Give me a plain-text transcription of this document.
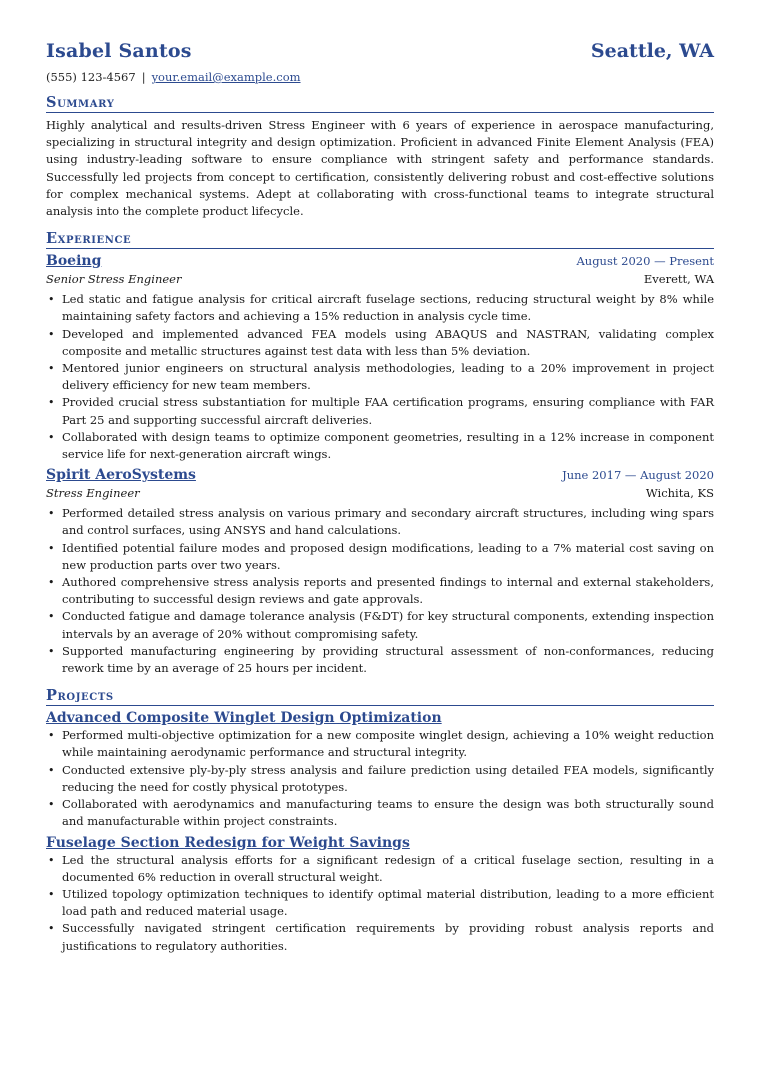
Isabel Santos	Seattle, WA
(555) 123-4567 | your.email@example.com
Summary
Highly analytical and results-driven Stress Engineer with 6 years of experience in aerospace manufacturing, specializing in structural integrity and design optimization. Proficient in advanced Finite Element Analysis (FEA) using industry-leading software to ensure compliance with stringent safety and performance standards. Successfully led projects from concept to certification, consistently delivering robust and cost-effective solutions for complex mechanical systems. Adept at collaborating with cross-functional teams to integrate structural analysis into the complete product lifecycle.
Experience
Boeing	August 2020 — Present
Senior Stress Engineer	Everett, WA
• Led static and fatigue analysis for critical aircraft fuselage sections, reducing structural weight by 8% while maintaining safety factors and achieving a 15% reduction in analysis cycle time.
• Developed and implemented advanced FEA models using ABAQUS and NASTRAN, validating complex composite and metallic structures against test data with less than 5% deviation.
• Mentored junior engineers on structural analysis methodologies, leading to a 20% improvement in project delivery efficiency for new team members.
• Provided crucial stress substantiation for multiple FAA certification programs, ensuring compliance with FAR Part 25 and supporting successful aircraft deliveries.
• Collaborated with design teams to optimize component geometries, resulting in a 12% increase in component service life for next-generation aircraft wings.
Spirit AeroSystems	June 2017 — August 2020
Stress Engineer	Wichita, KS
• Performed detailed stress analysis on various primary and secondary aircraft structures, including wing spars and control surfaces, using ANSYS and hand calculations.
• Identified potential failure modes and proposed design modifications, leading to a 7% material cost saving on new production parts over two years.
• Authored comprehensive stress analysis reports and presented findings to internal and external stakeholders, contributing to successful design reviews and gate approvals.
• Conducted fatigue and damage tolerance analysis (F&DT) for key structural components, extending inspection intervals by an average of 20% without compromising safety.
• Supported manufacturing engineering by providing structural assessment of non-conformances, reducing rework time by an average of 25 hours per incident.
Projects
Advanced Composite Winglet Design Optimization
• Performed multi-objective optimization for a new composite winglet design, achieving a 10% weight reduction while maintaining aerodynamic performance and structural integrity.
• Conducted extensive ply-by-ply stress analysis and failure prediction using detailed FEA models, significantly reducing the need for costly physical prototypes.
• Collaborated with aerodynamics and manufacturing teams to ensure the design was both structurally sound and manufacturable within project constraints.
Fuselage Section Redesign for Weight Savings
• Led the structural analysis efforts for a significant redesign of a critical fuselage section, resulting in a documented 6% reduction in overall structural weight.
• Utilized topology optimization techniques to identify optimal material distribution, leading to a more efficient load path and reduced material usage.
• Successfully navigated stringent certification requirements by providing robust analysis reports and justifications to regulatory authorities.
